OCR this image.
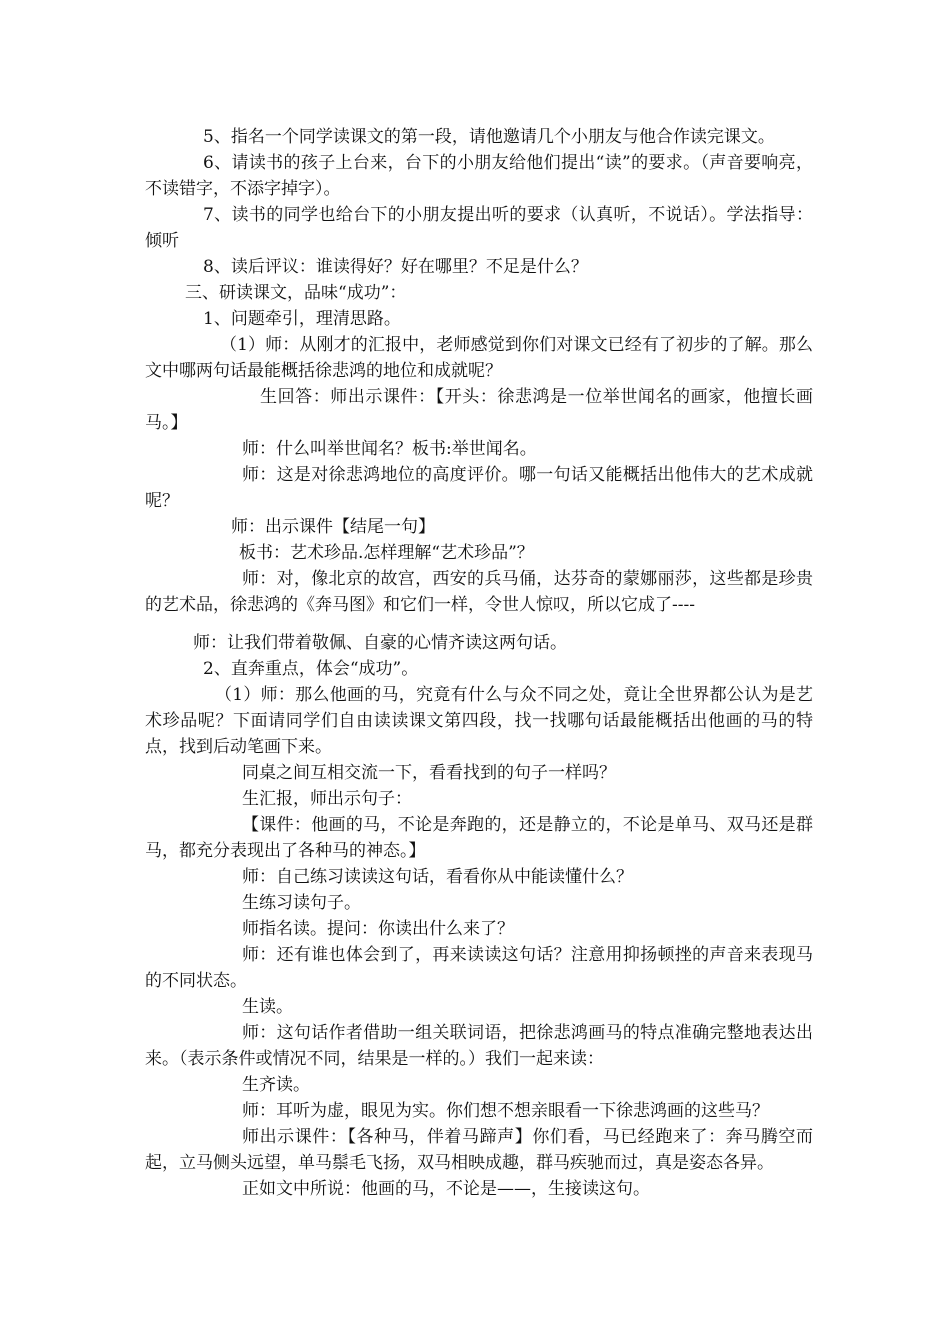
5、指名一个同学读课文的第一段，请他邀请几个小朋友与他合作读完课文。

6、请读书的孩子上台来，台下的小朋友给他们提出“读”的要求。（声音要响亮，不读错字，不添字掉字）。

7、读书的同学也给台下的小朋友提出听的要求（认真听，不说话）。学法指导：倾听

8、读后评议：谁读得好？好在哪里？不足是什么？

三、研读课文，品味“成功”：

1、问题牵引，理清思路。

（1）师：从刚才的汇报中，老师感觉到你们对课文已经有了初步的了解。那么文中哪两句话最能概括徐悲鸿的地位和成就呢？

生回答：师出示课件：【开头：徐悲鸿是一位举世闻名的画家，他擅长画马。】

师：什么叫举世闻名？板书:举世闻名。

师：这是对徐悲鸿地位的高度评价。哪一句话又能概括出他伟大的艺术成就呢？

师：出示课件【结尾一句】

板书：艺术珍品.怎样理解“艺术珍品”？

师：对，像北京的故宫，西安的兵马俑，达芬奇的蒙娜丽莎，这些都是珍贵的艺术品，徐悲鸿的《奔马图》和它们一样，令世人惊叹，所以它成了----

师：让我们带着敬佩、自豪的心情齐读这两句话。

2、直奔重点，体会“成功”。

（1）师：那么他画的马，究竟有什么与众不同之处，竟让全世界都公认为是艺术珍品呢？下面请同学们自由读读课文第四段，找一找哪句话最能概括出他画的马的特点，找到后动笔画下来。

同桌之间互相交流一下，看看找到的句子一样吗？

生汇报，师出示句子：

【课件：他画的马，不论是奔跑的，还是静立的，不论是单马、双马还是群马，都充分表现出了各种马的神态。】

师：自己练习读读这句话，看看你从中能读懂什么？

生练习读句子。

师指名读。提问：你读出什么来了？

师：还有谁也体会到了，再来读读这句话？注意用抑扬顿挫的声音来表现马的不同状态。

生读。

师：这句话作者借助一组关联词语，把徐悲鸿画马的特点准确完整地表达出来。（表示条件或情况不同，结果是一样的。）我们一起来读：

生齐读。

师：耳听为虚，眼见为实。你们想不想亲眼看一下徐悲鸿画的这些马？

师出示课件：【各种马，伴着马蹄声】你们看，马已经跑来了：奔马腾空而起，立马侧头远望，单马鬃毛飞扬，双马相映成趣，群马疾驰而过，真是姿态各异。

正如文中所说：他画的马，不论是——，生接读这句。
